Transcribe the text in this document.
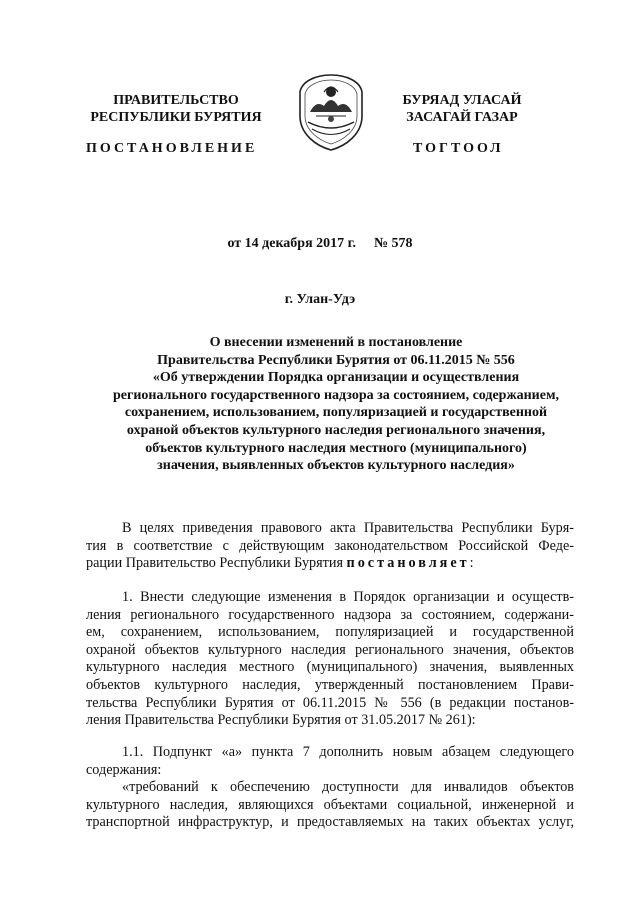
ПРАВИТЕЛЬСТВО
РЕСПУБЛИКИ БУРЯТИЯ
БУРЯАД УЛАСАЙ
ЗАСАГАЙ ГАЗАР
ПОСТАНОВЛЕНИЕ	ТОГТООЛ
от 14 декабря 2017 г. № 578
г. Улан-Удэ
О внесении изменений в постановление
Правительства Республики Бурятия от 06.11.2015 № 556
«Об утверждении Порядка организации и осуществления
регионального государственного надзора за состоянием, содержанием,
сохранением, использованием, популяризацией и государственной
охраной объектов культурного наследия регионального значения,
объектов культурного наследия местного (муниципального)
значения, выявленных объектов культурного наследия»
В целях приведения правового акта Правительства Республики Буря-
тия в соответствие с действующим законодательством Российской Феде-
рации Правительство Республики Бурятия постановляет:
1. Внести следующие изменения в Порядок организации и осуществ-
ления регионального государственного надзора за состоянием, содержани-
ем, сохранением, использованием, популяризацией и государственной
охраной объектов культурного наследия регионального значения, объектов
культурного наследия местного (муниципального) значения, выявленных
объектов культурного наследия, утвержденный постановлением Прави-
тельства Республики Бурятия от 06.11.2015 № 556 (в редакции постанов-
ления Правительства Республики Бурятия от 31.05.2017 № 261):
1.1. Подпункт «а» пункта 7 дополнить новым абзацем следующего
содержания:
«требований к обеспечению доступности для инвалидов объектов
культурного наследия, являющихся объектами социальной, инженерной и
транспортной инфраструктур, и предоставляемых на таких объектах услуг,
